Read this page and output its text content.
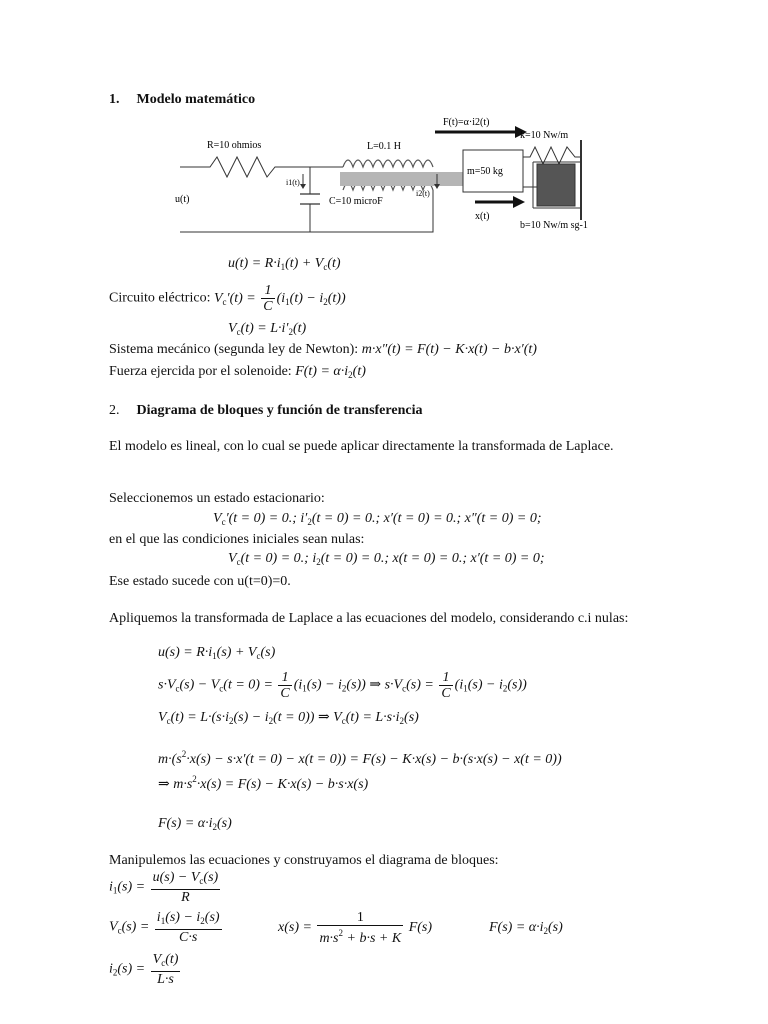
1. Modelo matemático
F(t)=α·i2(t)
k=10 Nw/m
R=10 ohmios	L=0.1 H
m=50 kg
i1(t)
i2(t)
u(t)	C=10 microF
x(t)
b=10 Nw/m sg-1
$u(t) = R\cdot i_1(t) + V_c(t)$
Circuito eléctrico: $V_c'(t) = \frac{1}{C} (i_1(t) - i_2(t))$
$V_c(t) = L\cdot i'_2(t)$
Sistema mecánico (segunda ley de Newton): m·x″(t) = F(t) − K·x(t) − b·x′(t)
Fuerza ejercida por el solenoide: $F(t) = \alpha\cdot i_2(t)$
2. Diagrama de bloques y función de transferencia
El modelo es lineal, con lo cual se puede aplicar directamente la transformada de Laplace.
Seleccionemos un estado estacionario:
$V_c'(t = 0) = 0$.; $i'_2(t = 0) = 0$.; x′(t = 0) = 0.; x″(t = 0) = 0;
en el que las condiciones iniciales sean nulas:
$V_c(t = 0) = 0$.; $i_2(t = 0) = 0$.; x(t = 0) = 0.; x′(t = 0) = 0;
Ese estado sucede con u(t=0)=0.
Apliquemos la transformada de Laplace a las ecuaciones del modelo, considerando c.i nulas:
$u(s) = R\cdot i_1(s) + V_c(s)$
$s\cdot V_c(s) - V_c(t = 0) = \frac{1}{C} (i_1(s) - i_2(s))$ ⇒ $s\cdot V_c(s) = \frac{1}{C} (i_1(s) - i_2(s))$
$V_c(t) = L\cdot(s\cdot i_2(s) - i_2(t = 0))$ ⇒ $V_c(t) = L\cdot s\cdot i_2(s)$
$m\cdot(s^2\cdot x(s) - s\cdot x'(t = 0) - x(t = 0)) = F(s) - K\cdot x(s) - b\cdot(s\cdot x(s) - x(t = 0))$
⇒ $m\cdot s^2\cdot x(s) = F(s) - K\cdot x(s) - b\cdot s\cdot x(s)$
$F(s) = \alpha\cdot i_2(s)$
Manipulemos las ecuaciones y construyamos el diagrama de bloques:
$i_1(s) = \frac{u(s) - V_c(s)}{R}$
$V_c(s) = \frac{i_1(s) - i_2(s)}{C\cdot s}$	$x(s) = \frac{1}{m\cdot s^2 + b\cdot s + K} F(s)$	$F(s) = \alpha\cdot i_2(s)$
$i_2(s) = \frac{V_c(t)}{L\cdot s}$
